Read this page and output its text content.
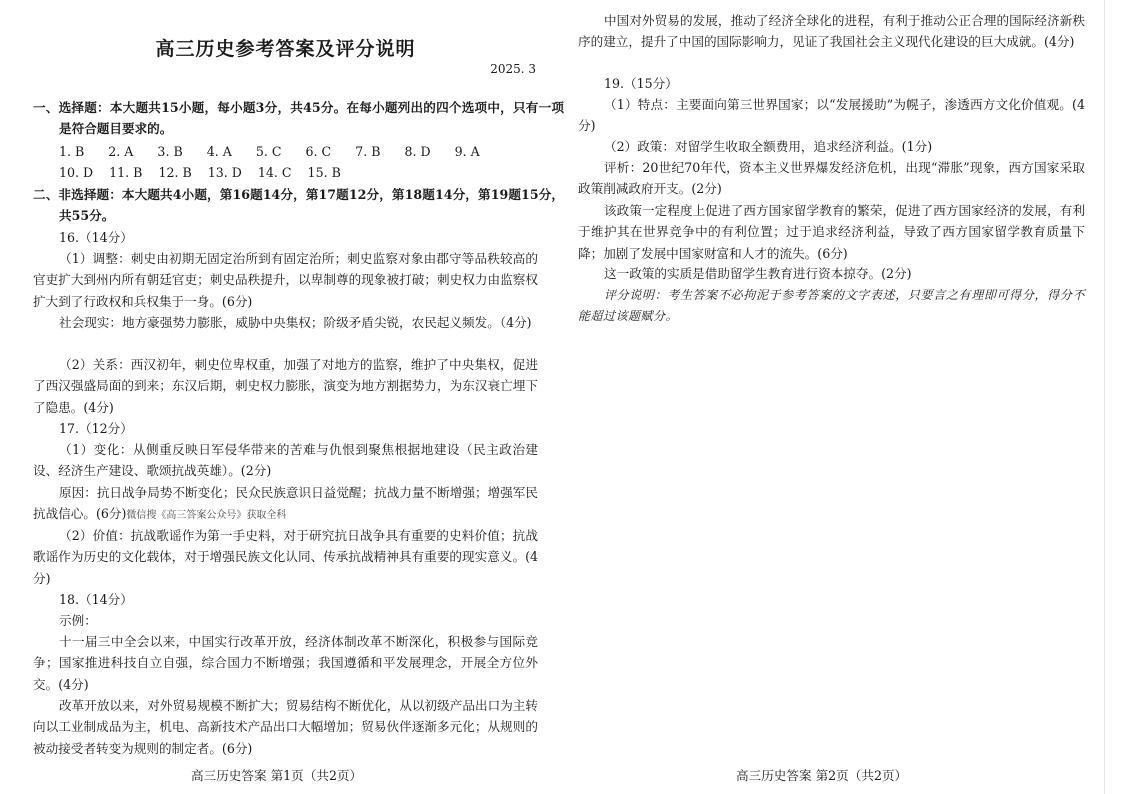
高三历史参考答案及评分说明
2025. 3
一、选择题：本大题共15小题，每小题3分，共45分。在每小题列出的四个选项中，只有一项是符合题目要求的。
1. B      2. A      3. B      4. A      5. C      6. C      7. B      8. D      9. A
10. D    11. B    12. B    13. D    14. C    15. B
二、非选择题：本大题共4小题，第16题14分，第17题12分，第18题14分，第19题15分，共55分。
16.（14分）
（1）调整：刺史由初期无固定治所到有固定治所；刺史监察对象由郡守等品秩较高的官吏扩大到州内所有朝廷官吏；刺史品秩提升，以卑制尊的现象被打破；刺史权力由监察权扩大到了行政权和兵权集于一身。(6分)
社会现实：地方豪强势力膨胀，威胁中央集权；阶级矛盾尖锐，农民起义频发。（4分)
（2）关系：西汉初年，刺史位卑权重，加强了对地方的监察，维护了中央集权，促进了西汉强盛局面的到来；东汉后期，刺史权力膨胀，演变为地方割据势力，为东汉衰亡埋下了隐患。(4分)
17.（12分）
（1）变化：从侧重反映日军侵华带来的苦难与仇恨到聚焦根据地建设（民主政治建设、经济生产建设、歌颂抗战英雄）。(2分)
原因：抗日战争局势不断变化；民众民族意识日益觉醒；抗战力量不断增强；增强军民抗战信心。(6分)微信搜《高三答案公众号》获取全科
（2）价值：抗战歌谣作为第一手史料，对于研究抗日战争具有重要的史料价值；抗战歌谣作为历史的文化载体，对于增强民族文化认同、传承抗战精神具有重要的现实意义。(4分)
18.（14分）
示例：
十一届三中全会以来，中国实行改革开放，经济体制改革不断深化，积极参与国际竞争；国家推进科技自立自强，综合国力不断增强；我国遵循和平发展理念，开展全方位外交。(4分)
改革开放以来，对外贸易规模不断扩大；贸易结构不断优化，从以初级产品出口为主转向以工业制成品为主，机电、高新技术产品出口大幅增加；贸易伙伴逐渐多元化；从规则的被动接受者转变为规则的制定者。(6分)
高三历史答案 第1页（共2页）
中国对外贸易的发展，推动了经济全球化的进程，有利于推动公正合理的国际经济新秩序的建立，提升了中国的国际影响力，见证了我国社会主义现代化建设的巨大成就。(4分)
19.（15分）
（1）特点：主要面向第三世界国家；以“发展援助”为幌子，渗透西方文化价值观。(4分)
（2）政策：对留学生收取全额费用，追求经济利益。(1分)
评析：20世纪70年代，资本主义世界爆发经济危机，出现“滞胀”现象，西方国家采取政策削减政府开支。(2分)
该政策一定程度上促进了西方国家留学教育的繁荣，促进了西方国家经济的发展，有利于维护其在世界竞争中的有利位置；过于追求经济利益，导致了西方国家留学教育质量下降；加剧了发展中国家财富和人才的流失。(6分)
这一政策的实质是借助留学生教育进行资本掠夺。(2分)
评分说明：考生答案不必拘泥于参考答案的文字表述，只要言之有理即可得分，得分不能超过该题赋分。
高三历史答案 第2页（共2页）
